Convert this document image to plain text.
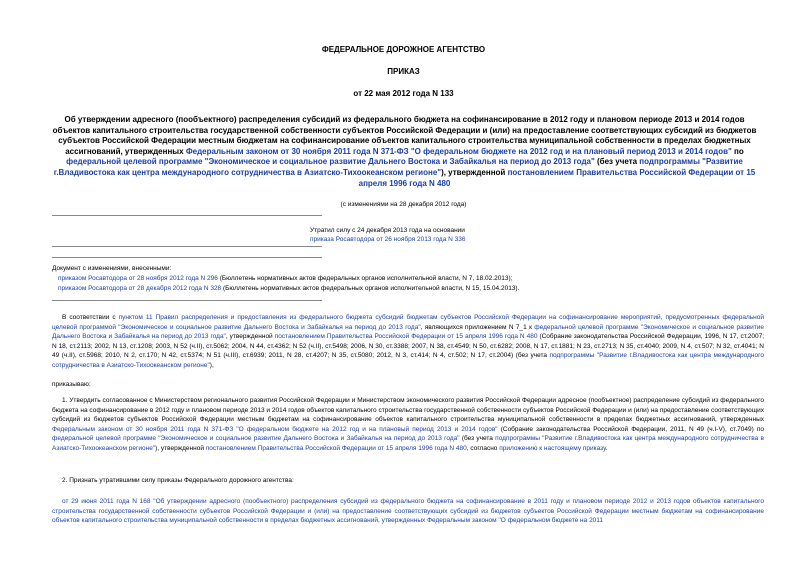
ФЕДЕРАЛЬНОЕ ДОРОЖНОЕ АГЕНТСТВО
ПРИКАЗ
от 22 мая 2012 года N 133
Об утверждении адресного (пообъектного) распределения субсидий из федерального бюджета на софинансирование в 2012 году и плановом периоде 2013 и 2014 годов объектов капитального строительства государственной собственности субъектов Российской Федерации и (или) на предоставление соответствующих субсидий из бюджетов субъектов Российской Федерации местным бюджетам на софинансирование объектов капитального строительства муниципальной собственности в пределах бюджетных ассигнований, утвержденных Федеральным законом от 30 ноября 2011 года N 371-ФЗ "О федеральном бюджете на 2012 год и на плановый период 2013 и 2014 годов" по федеральной целевой программе "Экономическое и социальное развитие Дальнего Востока и Забайкалья на период до 2013 года" (без учета подпрограммы "Развитие г.Владивостока как центра международного сотрудничества в Азиатско-Тихоокеанском регионе"), утвержденной постановлением Правительства Российской Федерации от 15 апреля 1996 года N 480
(с изменениями на 28 декабря 2012 года)
Утратил силу с 24 декабря 2013 года на основании
приказа Росавтодора от 26 ноября 2013 года N 336
Документ с изменениями, внесенными:
приказом Росавтодора от 28 ноября 2012 года N 296 (Бюллетень нормативных актов федеральных органов исполнительной власти, N 7, 18.02.2013);
приказом Росавтодора от 28 декабря 2012 года N 328 (Бюллетень нормативных актов федеральных органов исполнительной власти, N 15, 15.04.2013).
В соответствии с пунктом 11 Правил распределения и предоставления из федерального бюджета субсидий бюджетам субъектов Российской Федерации на софинансирование мероприятий, предусмотренных федеральной целевой программой "Экономическое и социальное развитие Дальнего Востока и Забайкалья на период до 2013 года", являющихся приложением N 7_1 к федеральной целевой программе "Экономическое и социальное развитие Дальнего Востока и Забайкалья на период до 2013 года", утвержденной постановлением Правительства Российской Федерации от 15 апреля 1996 года N 480 (Собрание законодательства Российской Федерации, 1996, N 17, ст.2007; N 18, ст.2113; 2002, N 13, ст.1208; 2003, N 52 (ч.II), ст.5062; 2004, N 44, ст.4362; N 52 (ч.II), ст.5498; 2006, N 30, ст.3388; 2007, N 38, ст.4549; N 50, ст.6282; 2008, N 17, ст.1881; N 23, ст.2713; N 35, ст.4040; 2009, N 4, ст.507; N 32, ст.4041; N 49 (ч.II), ст.5968; 2010, N 2, ст.170; N 42, ст.5374; N 51 (ч.III), ст.6939; 2011, N 28, ст.4207; N 35, ст.5080; 2012, N 3, ст.414; N 4, ст.502; N 17, ст.2004) (без учета подпрограммы "Развитие г.Владивостока как центра международного сотрудничества в Азиатско-Тихоокеанском регионе"),
приказываю:
1. Утвердить согласованное с Министерством регионального развития Российской Федерации и Министерством экономического развития Российской Федерации адресное (пообъектное) распределение субсидий из федерального бюджета на софинансирование в 2012 году и плановом периоде 2013 и 2014 годов объектов капитального строительства государственной собственности субъектов Российской Федерации и (или) на предоставление соответствующих субсидий из бюджетов субъектов Российской Федерации местным бюджетам на софинансирование объектов капитального строительства муниципальной собственности в пределах бюджетных ассигнований, утвержденных Федеральным законом от 30 ноября 2011 года N 371-ФЗ "О федеральном бюджете на 2012 год и на плановый период 2013 и 2014 годов" (Собрание законодательства Российской Федерации, 2011, N 49 (ч.I-V), ст.7049) по федеральной целевой программе "Экономическое и социальное развитие Дальнего Востока и Забайкалья на период до 2013 года" (без учета подпрограммы "Развитие г.Владивостока как центра международного сотрудничества в Азиатско-Тихоокеанском регионе"), утвержденной постановлением Правительства Российской Федерации от 15 апреля 1996 года N 480, согласно приложению к настоящему приказу.
2. Признать утратившими силу приказы Федерального дорожного агентства:
от 29 июня 2011 года N 168 "Об утверждении адресного (пообъектного) распределения субсидий из федерального бюджета на софинансирование в 2011 году и плановом периоде 2012 и 2013 годов объектов капитального строительства государственной собственности субъектов Российской Федерации и (или) на предоставление соответствующих субсидий из бюджетов субъектов Российской Федерации местным бюджетам на софинансирование объектов капитального строительства муниципальной собственности в пределах бюджетных ассигнований, утвержденных Федеральным законом "О федеральном бюджете на 2011
